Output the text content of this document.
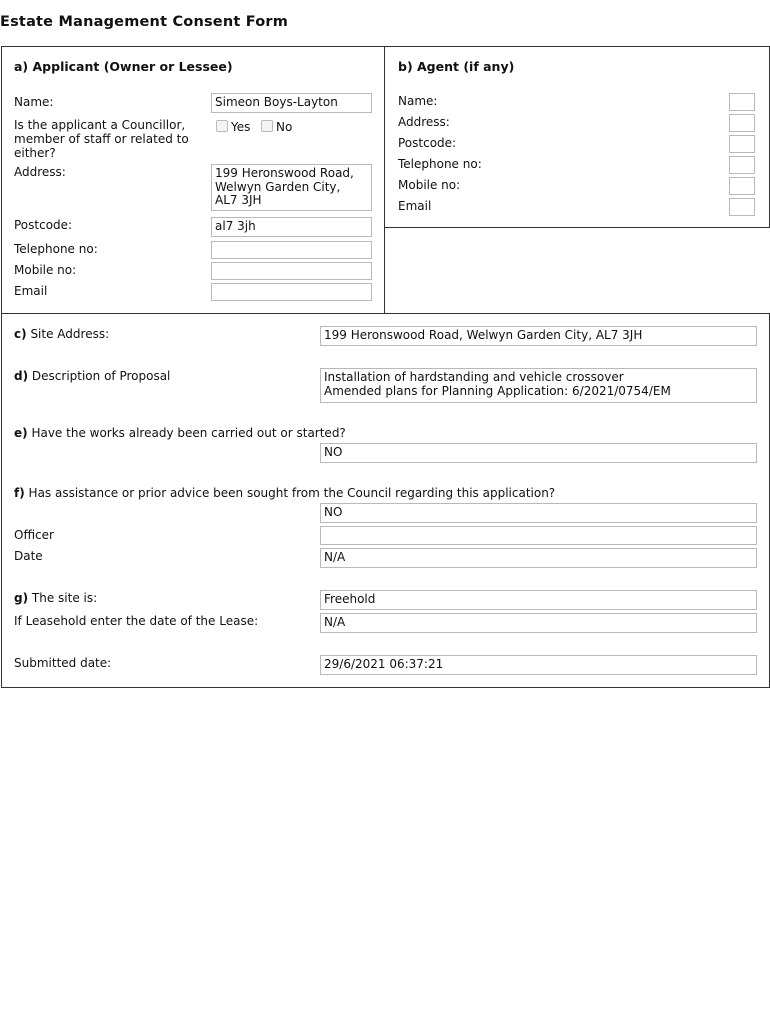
Estate Management Consent Form
a) Applicant (Owner or Lessee)
Name:	Simeon Boys-Layton
Is the applicant a Councillor, member of staff or related to either?
Yes	No
Address:	199 Heronswood Road,
Welwyn Garden City,
AL7 3JH
Postcode:	al7 3jh
Telephone no:
Mobile no:
Email
b) Agent (if any)
Name:
Address:
Postcode:
Telephone no:
Mobile no:
Email
c) Site Address:	199 Heronswood Road, Welwyn Garden City, AL7 3JH
d) Description of Proposal	Installation of hardstanding and vehicle crossover
Amended plans for Planning Application: 6/2021/0754/EM
e) Have the works already been carried out or started?
NO
f) Has assistance or prior advice been sought from the Council regarding this application?
NO
Officer
Date	N/A
g) The site is:	Freehold
If Leasehold enter the date of the Lease:	N/A
Submitted date:	29/6/2021 06:37:21
